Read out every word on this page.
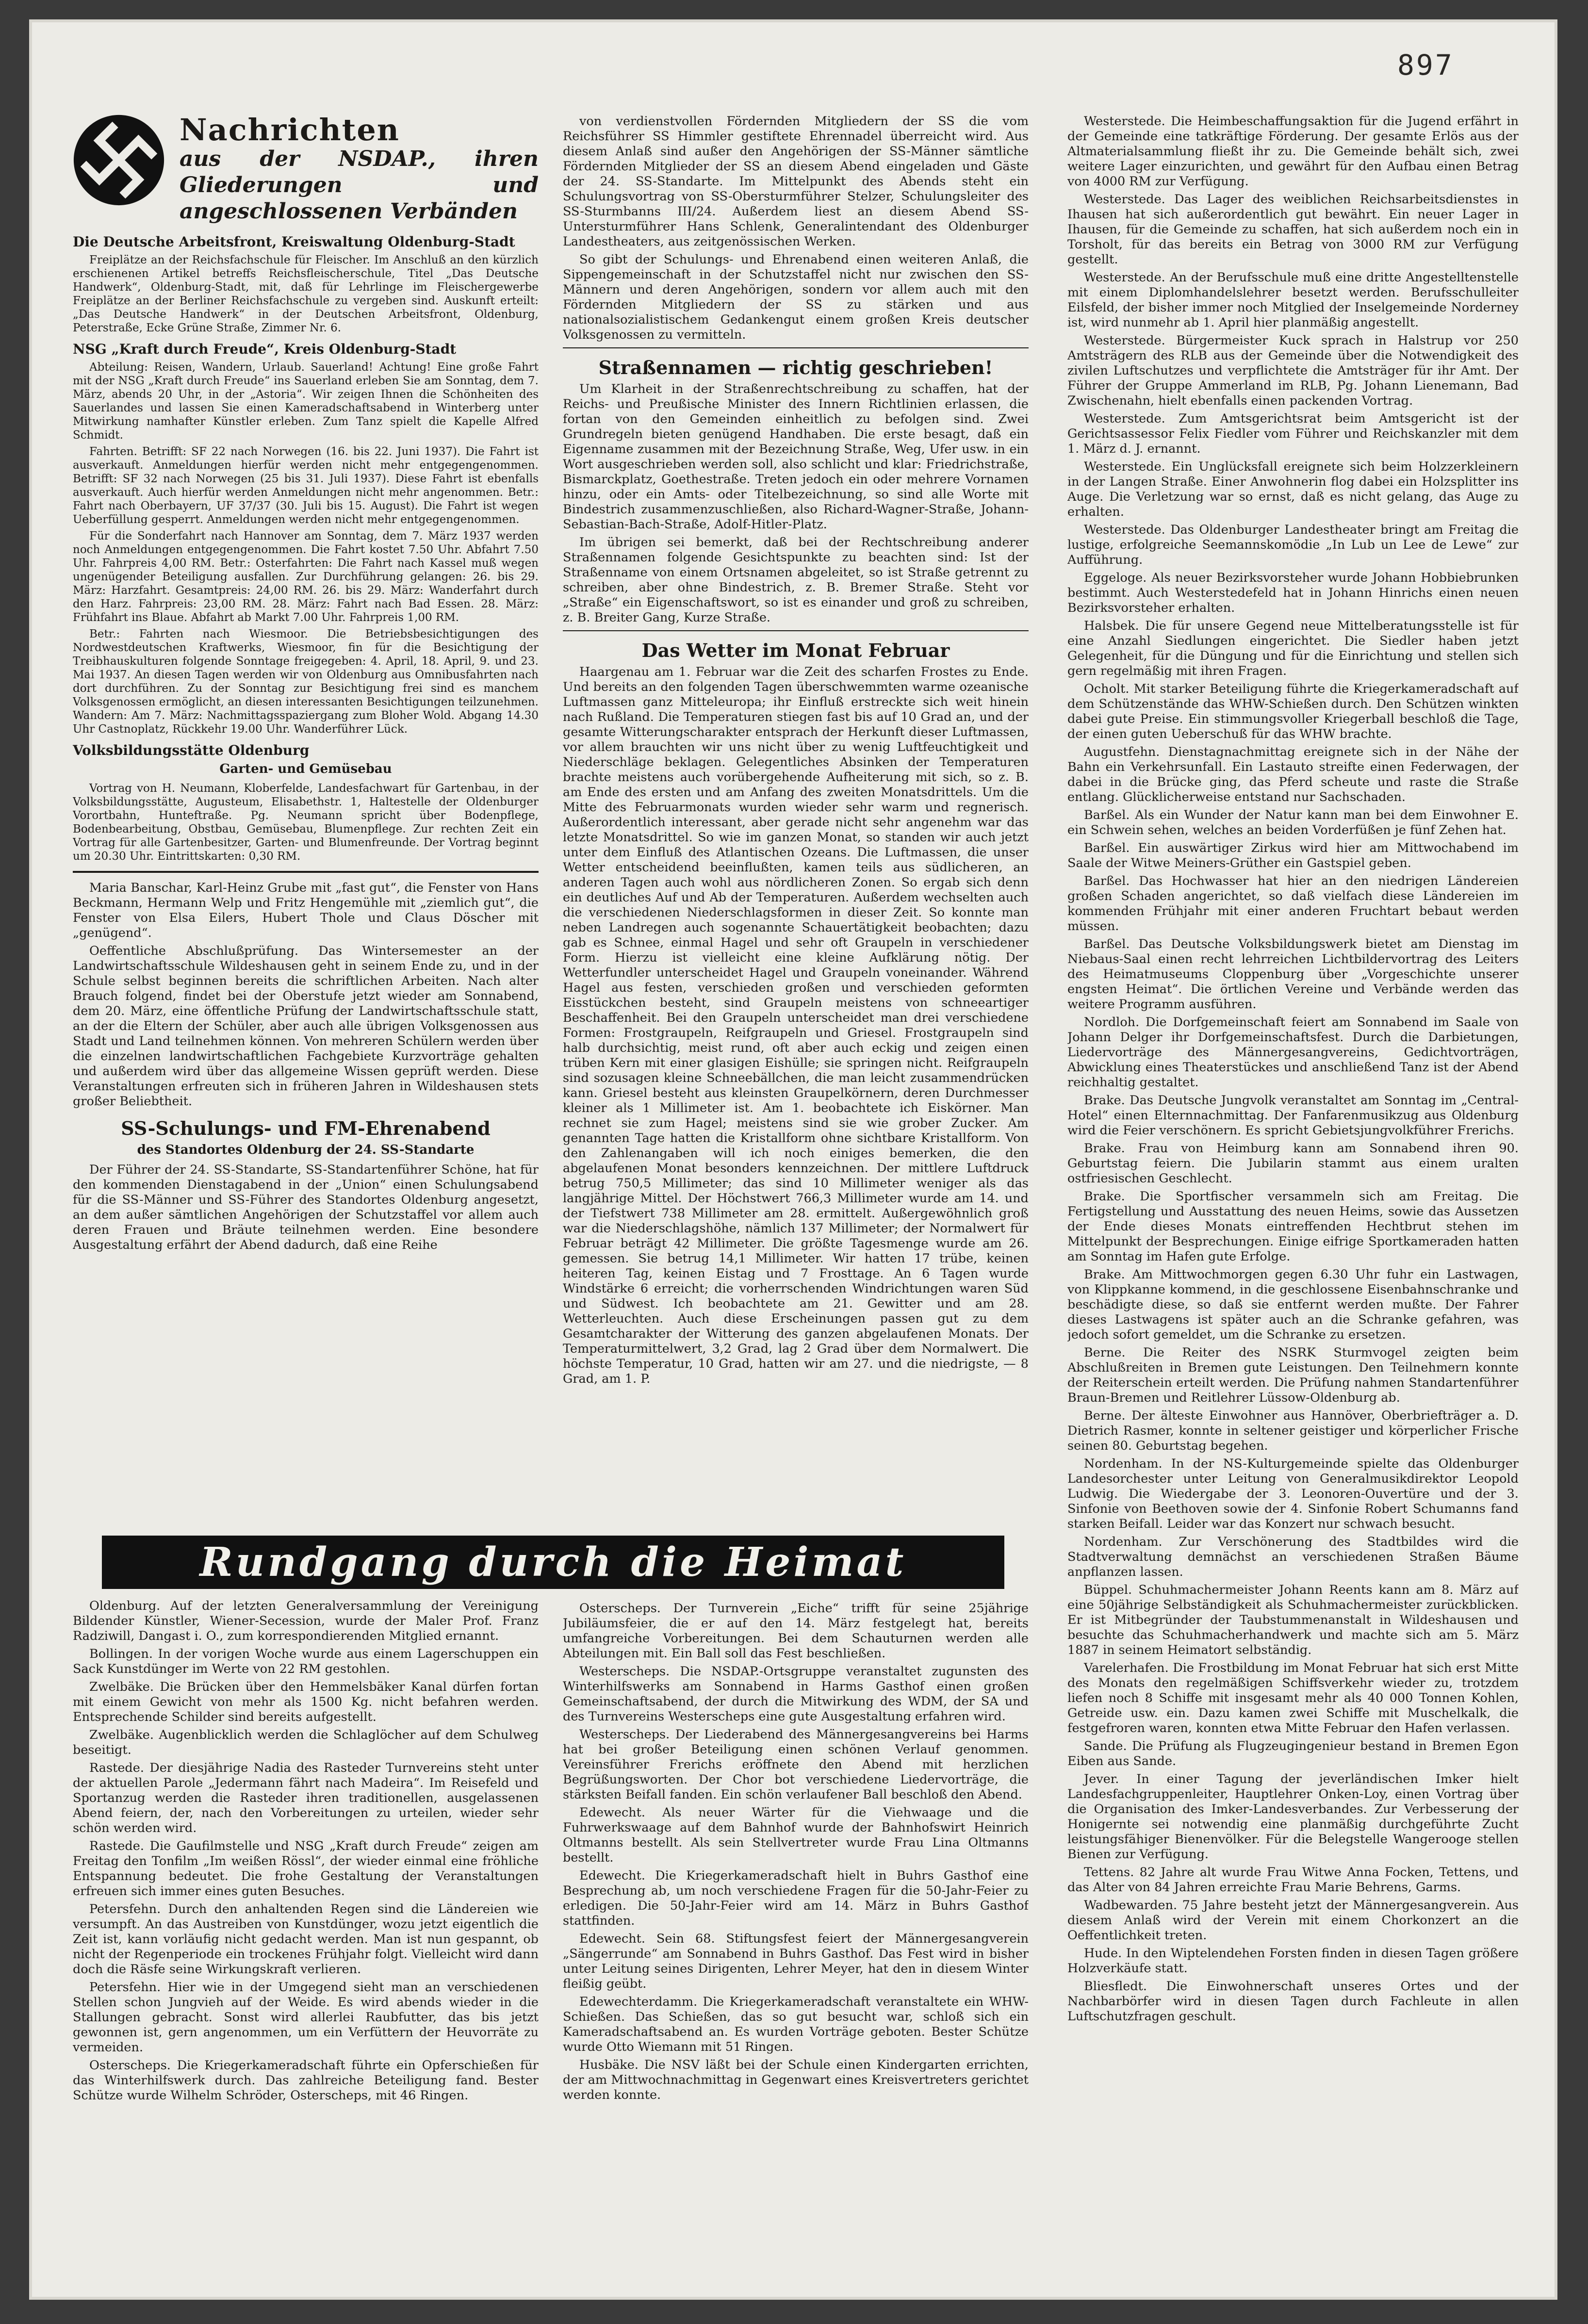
897
Nachrichten
aus der NSDAP., ihren Gliederungen und angeschlossenen Verbänden
Die Deutsche Arbeitsfront, Kreiswaltung Oldenburg-Stadt

Freiplätze an der Reichsfachschule für Fleischer. Im Anschluß an den kürzlich erschienenen Artikel betreffs Reichsfleischerschule, Titel „Das Deutsche Handwerk“, Oldenburg-Stadt, mit, daß für Lehrlinge im Fleischergewerbe Freiplätze an der Berliner Reichsfachschule zu vergeben sind. Auskunft erteilt: „Das Deutsche Handwerk“ in der Deutschen Arbeitsfront, Oldenburg, Peterstraße, Ecke Grüne Straße, Zimmer Nr. 6.

NSG „Kraft durch Freude“, Kreis Oldenburg-Stadt

Abteilung: Reisen, Wandern, Urlaub. Sauerland! Achtung! Eine große Fahrt mit der NSG „Kraft durch Freude“ ins Sauerland erleben Sie am Sonntag, dem 7. März, abends 20 Uhr, in der „Astoria“. Wir zeigen Ihnen die Schönheiten des Sauerlandes und lassen Sie einen Kameradschaftsabend in Winterberg unter Mitwirkung namhafter Künstler erleben. Zum Tanz spielt die Kapelle Alfred Schmidt.

Fahrten. Betrifft: SF 22 nach Norwegen (16. bis 22. Juni 1937). Die Fahrt ist ausverkauft. Anmeldungen hierfür werden nicht mehr entgegengenommen. Betrifft: SF 32 nach Norwegen (25 bis 31. Juli 1937). Diese Fahrt ist ebenfalls ausverkauft. Auch hierfür werden Anmeldungen nicht mehr angenommen. Betr.: Fahrt nach Oberbayern, UF 37/37 (30. Juli bis 15. August). Die Fahrt ist wegen Ueberfüllung gesperrt. Anmeldungen werden nicht mehr entgegengenommen.

Für die Sonderfahrt nach Hannover am Sonntag, dem 7. März 1937 werden noch Anmeldungen entgegengenommen. Die Fahrt kostet 7.50 Uhr. Abfahrt 7.50 Uhr. Fahrpreis 4,00 RM. Betr.: Osterfahrten: Die Fahrt nach Kassel muß wegen ungenügender Beteiligung ausfallen. Zur Durchführung gelangen: 26. bis 29. März: Harzfahrt. Gesamtpreis: 24,00 RM. 26. bis 29. März: Wanderfahrt durch den Harz. Fahrpreis: 23,00 RM. 28. März: Fahrt nach Bad Essen. 28. März: Frühfahrt ins Blaue. Abfahrt ab Markt 7.00 Uhr. Fahrpreis 1,00 RM.

Betr.: Fahrten nach Wiesmoor. Die Betriebsbesichtigungen des Nordwestdeutschen Kraftwerks, Wiesmoor, fin für die Besichtigung der Treibhauskulturen folgende Sonntage freigegeben: 4. April, 18. April, 9. und 23. Mai 1937. An diesen Tagen werden wir von Oldenburg aus Omnibusfahrten nach dort durchführen. Zu der Sonntag zur Besichtigung frei sind es manchem Volksgenossen ermöglicht, an diesen interessanten Besichtigungen teilzunehmen. Wandern: Am 7. März: Nachmittagsspaziergang zum Bloher Wold. Abgang 14.30 Uhr Castnoplatz, Rückkehr 19.00 Uhr. Wanderführer Lück.

Volksbildungsstätte Oldenburg
Garten- und Gemüsebau

Vortrag von H. Neumann, Kloberfelde, Landesfachwart für Gartenbau, in der Volksbildungsstätte, Augusteum, Elisabethstr. 1, Haltestelle der Oldenburger Vorortbahn, Hunteftraße. Pg. Neumann spricht über Bodenpflege, Bodenbearbeitung, Obstbau, Gemüsebau, Blumenpflege. Zur rechten Zeit ein Vortrag für alle Gartenbesitzer, Garten- und Blumenfreunde. Der Vortrag beginnt um 20.30 Uhr. Eintrittskarten: 0,30 RM.

Maria Banschar, Karl-Heinz Grube mit „fast gut“, die Fenster von Hans Beckmann, Hermann Welp und Fritz Hengemühle mit „ziemlich gut“, die Fenster von Elsa Eilers, Hubert Thole und Claus Döscher mit „genügend“.

Oeffentliche Abschlußprüfung. Das Wintersemester an der Landwirtschaftsschule Wildeshausen geht in seinem Ende zu, und in der Schule selbst beginnen bereits die schriftlichen Arbeiten. Nach alter Brauch folgend, findet bei der Oberstufe jetzt wieder am Sonnabend, dem 20. März, eine öffentliche Prüfung der Landwirtschaftsschule statt, an der die Eltern der Schüler, aber auch alle übrigen Volksgenossen aus Stadt und Land teilnehmen können. Von mehreren Schülern werden über die einzelnen landwirtschaftlichen Fachgebiete Kurzvorträge gehalten und außerdem wird über das allgemeine Wissen geprüft werden. Diese Veranstaltungen erfreuten sich in früheren Jahren in Wildeshausen stets großer Beliebtheit.

SS-Schulungs- und FM-Ehrenabend
des Standortes Oldenburg der 24. SS-Standarte

Der Führer der 24. SS-Standarte, SS-Standartenführer Schöne, hat für den kommenden Dienstagabend in der „Union“ einen Schulungsabend für die SS-Männer und SS-Führer des Standortes Oldenburg angesetzt, an dem außer sämtlichen Angehörigen der Schutzstaffel vor allem auch deren Frauen und Bräute teilnehmen werden. Eine besondere Ausgestaltung erfährt der Abend dadurch, daß eine Reihe

von verdienstvollen Fördernden Mitgliedern der SS die vom Reichsführer SS Himmler gestiftete Ehrennadel überreicht wird. Aus diesem Anlaß sind außer den Angehörigen der SS-Männer sämtliche Fördernden Mitglieder der SS an diesem Abend eingeladen und Gäste der 24. SS-Standarte. Im Mittelpunkt des Abends steht ein Schulungsvortrag von SS-Obersturmführer Stelzer, Schulungsleiter des SS-Sturmbanns III/24. Außerdem liest an diesem Abend SS-Untersturmführer Hans Schlenk, Generalintendant des Oldenburger Landestheaters, aus zeitgenössischen Werken.

So gibt der Schulungs- und Ehrenabend einen weiteren Anlaß, die Sippengemeinschaft in der Schutzstaffel nicht nur zwischen den SS-Männern und deren Angehörigen, sondern vor allem auch mit den Fördernden Mitgliedern der SS zu stärken und aus nationalsozialistischem Gedankengut einem großen Kreis deutscher Volksgenossen zu vermitteln.

Straßennamen — richtig geschrieben!

Um Klarheit in der Straßenrechtschreibung zu schaffen, hat der Reichs- und Preußische Minister des Innern Richtlinien erlassen, die fortan von den Gemeinden einheitlich zu befolgen sind. Zwei Grundregeln bieten genügend Handhaben. Die erste besagt, daß ein Eigenname zusammen mit der Bezeichnung Straße, Weg, Ufer usw. in ein Wort ausgeschrieben werden soll, also schlicht und klar: Friedrichstraße, Bismarckplatz, Goethestraße. Treten jedoch ein oder mehrere Vornamen hinzu, oder ein Amts- oder Titelbezeichnung, so sind alle Worte mit Bindestrich zusammenzuschließen, also Richard-Wagner-Straße, Johann-Sebastian-Bach-Straße, Adolf-Hitler-Platz.

Im übrigen sei bemerkt, daß bei der Rechtschreibung anderer Straßennamen folgende Gesichtspunkte zu beachten sind: Ist der Straßenname von einem Ortsnamen abgeleitet, so ist Straße getrennt zu schreiben, aber ohne Bindestrich, z. B. Bremer Straße. Steht vor „Straße“ ein Eigenschaftswort, so ist es einander und groß zu schreiben, z. B. Breiter Gang, Kurze Straße.

Das Wetter im Monat Februar

Haargenau am 1. Februar war die Zeit des scharfen Frostes zu Ende. Und bereits an den folgenden Tagen überschwemmten warme ozeanische Luftmassen ganz Mitteleuropa; ihr Einfluß erstreckte sich weit hinein nach Rußland. Die Temperaturen stiegen fast bis auf 10 Grad an, und der gesamte Witterungscharakter entsprach der Herkunft dieser Luftmassen, vor allem brauchten wir uns nicht über zu wenig Luftfeuchtigkeit und Niederschläge beklagen. Gelegentliches Absinken der Temperaturen brachte meistens auch vorübergehende Aufheiterung mit sich, so z. B. am Ende des ersten und am Anfang des zweiten Monatsdrittels. Um die Mitte des Februarmonats wurden wieder sehr warm und regnerisch. Außerordentlich interessant, aber gerade nicht sehr angenehm war das letzte Monatsdrittel. So wie im ganzen Monat, so standen wir auch jetzt unter dem Einfluß des Atlantischen Ozeans. Die Luftmassen, die unser Wetter entscheidend beeinflußten, kamen teils aus südlicheren, an anderen Tagen auch wohl aus nördlicheren Zonen. So ergab sich denn ein deutliches Auf und Ab der Temperaturen. Außerdem wechselten auch die verschiedenen Niederschlagsformen in dieser Zeit. So konnte man neben Landregen auch sogenannte Schauertätigkeit beobachten; dazu gab es Schnee, einmal Hagel und sehr oft Graupeln in verschiedener Form. Hierzu ist vielleicht eine kleine Aufklärung nötig. Der Wetterfundler unterscheidet Hagel und Graupeln voneinander. Während Hagel aus festen, verschieden großen und verschieden geformten Eisstückchen besteht, sind Graupeln meistens von schneeartiger Beschaffenheit. Bei den Graupeln unterscheidet man drei verschiedene Formen: Frostgraupeln, Reifgraupeln und Griesel. Frostgraupeln sind halb durchsichtig, meist rund, oft aber auch eckig und zeigen einen trüben Kern mit einer glasigen Eishülle; sie springen nicht. Reifgraupeln sind sozusagen kleine Schneebällchen, die man leicht zusammendrücken kann. Griesel besteht aus kleinsten Graupelkörnern, deren Durchmesser kleiner als 1 Millimeter ist. Am 1. beobachtete ich Eiskörner. Man rechnet sie zum Hagel; meistens sind sie wie grober Zucker. Am genannten Tage hatten die Kristallform ohne sichtbare Kristallform. Von den Zahlenangaben will ich noch einiges bemerken, die den abgelaufenen Monat besonders kennzeichnen. Der mittlere Luftdruck betrug 750,5 Millimeter; das sind 10 Millimeter weniger als das langjährige Mittel. Der Höchstwert 766,3 Millimeter wurde am 14. und der Tiefstwert 738 Millimeter am 28. ermittelt. Außergewöhnlich groß war die Niederschlagshöhe, nämlich 137 Millimeter; der Normalwert für Februar beträgt 42 Millimeter. Die größte Tagesmenge wurde am 26. gemessen. Sie betrug 14,1 Millimeter. Wir hatten 17 trübe, keinen heiteren Tag, keinen Eistag und 7 Frosttage. An 6 Tagen wurde Windstärke 6 erreicht; die vorherrschenden Windrichtungen waren Süd und Südwest. Ich beobachtete am 21. Gewitter und am 28. Wetterleuchten. Auch diese Erscheinungen passen gut zu dem Gesamtcharakter der Witterung des ganzen abgelaufenen Monats. Der Temperaturmittelwert, 3,2 Grad, lag 2 Grad über dem Normalwert. Die höchste Temperatur, 10 Grad, hatten wir am 27. und die niedrigste, — 8 Grad, am 1. P.

Westerstede. Die Heimbeschaffungsaktion für die Jugend erfährt in der Gemeinde eine tatkräftige Förderung. Der gesamte Erlös aus der Altmaterialsammlung fließt ihr zu. Die Gemeinde behält sich, zwei weitere Lager einzurichten, und gewährt für den Aufbau einen Betrag von 4000 RM zur Verfügung.

Westerstede. Das Lager des weiblichen Reichsarbeitsdienstes in Ihausen hat sich außerordentlich gut bewährt. Ein neuer Lager in Ihausen, für die Gemeinde zu schaffen, hat sich außerdem noch ein in Torsholt, für das bereits ein Betrag von 3000 RM zur Verfügung gestellt.

Westerstede. An der Berufsschule muß eine dritte Angestelltenstelle mit einem Diplomhandelslehrer besetzt werden. Berufsschulleiter Eilsfeld, der bisher immer noch Mitglied der Inselgemeinde Norderney ist, wird nunmehr ab 1. April hier planmäßig angestellt.

Westerstede. Bürgermeister Kuck sprach in Halstrup vor 250 Amtsträgern des RLB aus der Gemeinde über die Notwendigkeit des zivilen Luftschutzes und verpflichtete die Amtsträger für ihr Amt. Der Führer der Gruppe Ammerland im RLB, Pg. Johann Lienemann, Bad Zwischenahn, hielt ebenfalls einen packenden Vortrag.

Westerstede. Zum Amtsgerichtsrat beim Amtsgericht ist der Gerichtsassessor Felix Fiedler vom Führer und Reichskanzler mit dem 1. März d. J. ernannt.

Westerstede. Ein Unglücksfall ereignete sich beim Holzzerkleinern in der Langen Straße. Einer Anwohnerin flog dabei ein Holzsplitter ins Auge. Die Verletzung war so ernst, daß es nicht gelang, das Auge zu erhalten.

Westerstede. Das Oldenburger Landestheater bringt am Freitag die lustige, erfolgreiche Seemannskomödie „In Lub un Lee de Lewe“ zur Aufführung.

Eggeloge. Als neuer Bezirksvorsteher wurde Johann Hobbiebrunken bestimmt. Auch Westerstedefeld hat in Johann Hinrichs einen neuen Bezirksvorsteher erhalten.

Halsbek. Die für unsere Gegend neue Mittelberatungsstelle ist für eine Anzahl Siedlungen eingerichtet. Die Siedler haben jetzt Gelegenheit, für die Düngung und für die Einrichtung und stellen sich gern regelmäßig mit ihren Fragen.

Ocholt. Mit starker Beteiligung führte die Kriegerkameradschaft auf dem Schützenstände das WHW-Schießen durch. Den Schützen winkten dabei gute Preise. Ein stimmungsvoller Kriegerball beschloß die Tage, der einen guten Ueberschuß für das WHW brachte.

Augustfehn. Dienstagnachmittag ereignete sich in der Nähe der Bahn ein Verkehrsunfall. Ein Lastauto streifte einen Federwagen, der dabei in die Brücke ging, das Pferd scheute und raste die Straße entlang. Glücklicherweise entstand nur Sachschaden.

Barßel. Als ein Wunder der Natur kann man bei dem Einwohner E. ein Schwein sehen, welches an beiden Vorderfüßen je fünf Zehen hat.

Barßel. Ein auswärtiger Zirkus wird hier am Mittwochabend im Saale der Witwe Meiners-Grüther ein Gastspiel geben.

Barßel. Das Hochwasser hat hier an den niedrigen Ländereien großen Schaden angerichtet, so daß vielfach diese Ländereien im kommenden Frühjahr mit einer anderen Fruchtart bebaut werden müssen.

Barßel. Das Deutsche Volksbildungswerk bietet am Dienstag im Niebaus-Saal einen recht lehrreichen Lichtbildervortrag des Leiters des Heimatmuseums Cloppenburg über „Vorgeschichte unserer engsten Heimat“. Die örtlichen Vereine und Verbände werden das weitere Programm ausführen.

Nordloh. Die Dorfgemeinschaft feiert am Sonnabend im Saale von Johann Delger ihr Dorfgemeinschaftsfest. Durch die Darbietungen, Liedervorträge des Männergesangvereins, Gedichtvorträgen, Abwicklung eines Theaterstückes und anschließend Tanz ist der Abend reichhaltig gestaltet.

Brake. Das Deutsche Jungvolk veranstaltet am Sonntag im „Central-Hotel“ einen Elternnachmittag. Der Fanfarenmusikzug aus Oldenburg wird die Feier verschönern. Es spricht Gebietsjungvolkführer Frerichs.

Brake. Frau von Heimburg kann am Sonnabend ihren 90. Geburtstag feiern. Die Jubilarin stammt aus einem uralten ostfriesischen Geschlecht.

Brake. Die Sportfischer versammeln sich am Freitag. Die Fertigstellung und Ausstattung des neuen Heims, sowie das Aussetzen der Ende dieses Monats eintreffenden Hechtbrut stehen im Mittelpunkt der Besprechungen. Einige eifrige Sportkameraden hatten am Sonntag im Hafen gute Erfolge.

Brake. Am Mittwochmorgen gegen 6.30 Uhr fuhr ein Lastwagen, von Klippkanne kommend, in die geschlossene Eisenbahnschranke und beschädigte diese, so daß sie entfernt werden mußte. Der Fahrer dieses Lastwagens ist später auch an die Schranke gefahren, was jedoch sofort gemeldet, um die Schranke zu ersetzen.

Berne. Die Reiter des NSRK Sturmvogel zeigten beim Abschlußreiten in Bremen gute Leistungen. Den Teilnehmern konnte der Reiterschein erteilt werden. Die Prüfung nahmen Standartenführer Braun-Bremen und Reitlehrer Lüssow-Oldenburg ab.

Berne. Der älteste Einwohner aus Hannöver, Oberbriefträger a. D. Dietrich Rasmer, konnte in seltener geistiger und körperlicher Frische seinen 80. Geburtstag begehen.

Nordenham. In der NS-Kulturgemeinde spielte das Oldenburger Landesorchester unter Leitung von Generalmusikdirektor Leopold Ludwig. Die Wiedergabe der 3. Leonoren-Ouvertüre und der 3. Sinfonie von Beethoven sowie der 4. Sinfonie Robert Schumanns fand starken Beifall. Leider war das Konzert nur schwach besucht.

Nordenham. Zur Verschönerung des Stadtbildes wird die Stadtverwaltung demnächst an verschiedenen Straßen Bäume anpflanzen lassen.

Büppel. Schuhmachermeister Johann Reents kann am 8. März auf eine 50jährige Selbständigkeit als Schuhmachermeister zurückblicken. Er ist Mitbegründer der Taubstummenanstalt in Wildeshausen und besuchte das Schuhmacherhandwerk und machte sich am 5. März 1887 in seinem Heimatort selbständig.

Varelerhafen. Die Frostbildung im Monat Februar hat sich erst Mitte des Monats den regelmäßigen Schiffsverkehr wieder zu, trotzdem liefen noch 8 Schiffe mit insgesamt mehr als 40 000 Tonnen Kohlen, Getreide usw. ein. Dazu kamen zwei Schiffe mit Muschelkalk, die festgefroren waren, konnten etwa Mitte Februar den Hafen verlassen.

Sande. Die Prüfung als Flugzeugingenieur bestand in Bremen Egon Eiben aus Sande.

Jever. In einer Tagung der jeverländischen Imker hielt Landesfachgruppenleiter, Hauptlehrer Onken-Loy, einen Vortrag über die Organisation des Imker-Landesverbandes. Zur Verbesserung der Honigernte sei notwendig eine planmäßig durchgeführte Zucht leistungsfähiger Bienenvölker. Für die Belegstelle Wangerooge stellen Bienen zur Verfügung.

Tettens. 82 Jahre alt wurde Frau Witwe Anna Focken, Tettens, und das Alter von 84 Jahren erreichte Frau Marie Behrens, Garms.

Wadbewarden. 75 Jahre besteht jetzt der Männergesangverein. Aus diesem Anlaß wird der Verein mit einem Chorkonzert an die Oeffentlichkeit treten.

Hude. In den Wiptelendehen Forsten finden in diesen Tagen größere Holzverkäufe statt.

Bliesfledt. Die Einwohnerschaft unseres Ortes und der Nachbarbörfer wird in diesen Tagen durch Fachleute in allen Luftschutzfragen geschult.

Rundgang durch die Heimat

Oldenburg. Auf der letzten Generalversammlung der Vereinigung Bildender Künstler, Wiener-Secession, wurde der Maler Prof. Franz Radziwill, Dangast i. O., zum korrespondierenden Mitglied ernannt.

Bollingen. In der vorigen Woche wurde aus einem Lagerschuppen ein Sack Kunstdünger im Werte von 22 RM gestohlen.

Zwelbäke. Die Brücken über den Hemmelsbäker Kanal dürfen fortan mit einem Gewicht von mehr als 1500 Kg. nicht befahren werden. Entsprechende Schilder sind bereits aufgestellt.

Zwelbäke. Augenblicklich werden die Schlaglöcher auf dem Schulweg beseitigt.

Rastede. Der diesjährige Nadia des Rasteder Turnvereins steht unter der aktuellen Parole „Jedermann fährt nach Madeira“. Im Reisefeld und Sportanzug werden die Rasteder ihren traditionellen, ausgelassenen Abend feiern, der, nach den Vorbereitungen zu urteilen, wieder sehr schön werden wird.

Rastede. Die Gaufilmstelle und NSG „Kraft durch Freude“ zeigen am Freitag den Tonfilm „Im weißen Rössl“, der wieder einmal eine fröhliche Entspannung bedeutet. Die frohe Gestaltung der Veranstaltungen erfreuen sich immer eines guten Besuches.

Petersfehn. Durch den anhaltenden Regen sind die Ländereien wie versumpft. An das Austreiben von Kunstdünger, wozu jetzt eigentlich die Zeit ist, kann vorläufig nicht gedacht werden. Man ist nun gespannt, ob nicht der Regenperiode ein trockenes Frühjahr folgt. Vielleicht wird dann doch die Räsfe seine Wirkungskraft verlieren.

Petersfehn. Hier wie in der Umgegend sieht man an verschiedenen Stellen schon Jungvieh auf der Weide. Es wird abends wieder in die Stallungen gebracht. Sonst wird allerlei Raubfutter, das bis jetzt gewonnen ist, gern angenommen, um ein Verfüttern der Heuvorräte zu vermeiden.

Osterscheps. Die Kriegerkameradschaft führte ein Opferschießen für das Winterhilfswerk durch. Das zahlreiche Beteiligung fand. Bester Schütze wurde Wilhelm Schröder, Osterscheps, mit 46 Ringen.

Osterscheps. Der Turnverein „Eiche“ trifft für seine 25jährige Jubiläumsfeier, die er auf den 14. März festgelegt hat, bereits umfangreiche Vorbereitungen. Bei dem Schauturnen werden alle Abteilungen mit. Ein Ball soll das Fest beschließen.

Westerscheps. Die NSDAP.-Ortsgruppe veranstaltet zugunsten des Winterhilfswerks am Sonnabend in Harms Gasthof einen großen Gemeinschaftsabend, der durch die Mitwirkung des WDM, der SA und des Turnvereins Westerscheps eine gute Ausgestaltung erfahren wird.

Westerscheps. Der Liederabend des Männergesangvereins bei Harms hat bei großer Beteiligung einen schönen Verlauf genommen. Vereinsführer Frerichs eröffnete den Abend mit herzlichen Begrüßungsworten. Der Chor bot verschiedene Liedervorträge, die stärksten Beifall fanden. Ein schön verlaufener Ball beschloß den Abend.

Edewecht. Als neuer Wärter für die Viehwaage und die Fuhrwerkswaage auf dem Bahnhof wurde der Bahnhofswirt Heinrich Oltmanns bestellt. Als sein Stellvertreter wurde Frau Lina Oltmanns bestellt.

Edewecht. Die Kriegerkameradschaft hielt in Buhrs Gasthof eine Besprechung ab, um noch verschiedene Fragen für die 50-Jahr-Feier zu erledigen. Die 50-Jahr-Feier wird am 14. März in Buhrs Gasthof stattfinden.

Edewecht. Sein 68. Stiftungsfest feiert der Männergesangverein „Sängerrunde“ am Sonnabend in Buhrs Gasthof. Das Fest wird in bisher unter Leitung seines Dirigenten, Lehrer Meyer, hat den in diesem Winter fleißig geübt.

Edewechterdamm. Die Kriegerkameradschaft veranstaltete ein WHW-Schießen. Das Schießen, das so gut besucht war, schloß sich ein Kameradschaftsabend an. Es wurden Vorträge geboten. Bester Schütze wurde Otto Wiemann mit 51 Ringen.

Husbäke. Die NSV läßt bei der Schule einen Kindergarten errichten, der am Mittwochnachmittag in Gegenwart eines Kreisvertreters gerichtet werden konnte.
